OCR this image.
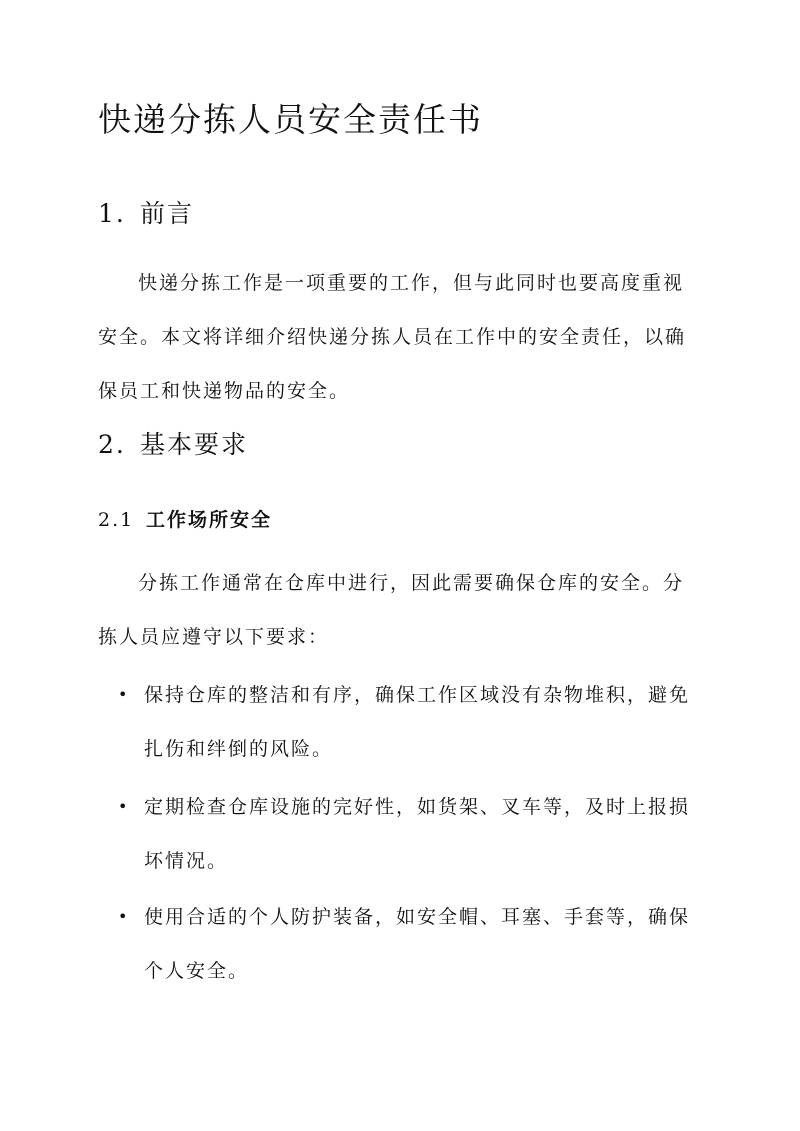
快递分拣人员安全责任书
1. 前言

快递分拣工作是一项重要的工作，但与此同时也要高度重视安全。本文将详细介绍快递分拣人员在工作中的安全责任，以确保员工和快递物品的安全。

2. 基本要求
2.1 工作场所安全

分拣工作通常在仓库中进行，因此需要确保仓库的安全。分拣人员应遵守以下要求：

• 保持仓库的整洁和有序，确保工作区域没有杂物堆积，避免扎伤和绊倒的风险。
• 定期检查仓库设施的完好性，如货架、叉车等，及时上报损坏情况。
• 使用合适的个人防护装备，如安全帽、耳塞、手套等，确保个人安全。
